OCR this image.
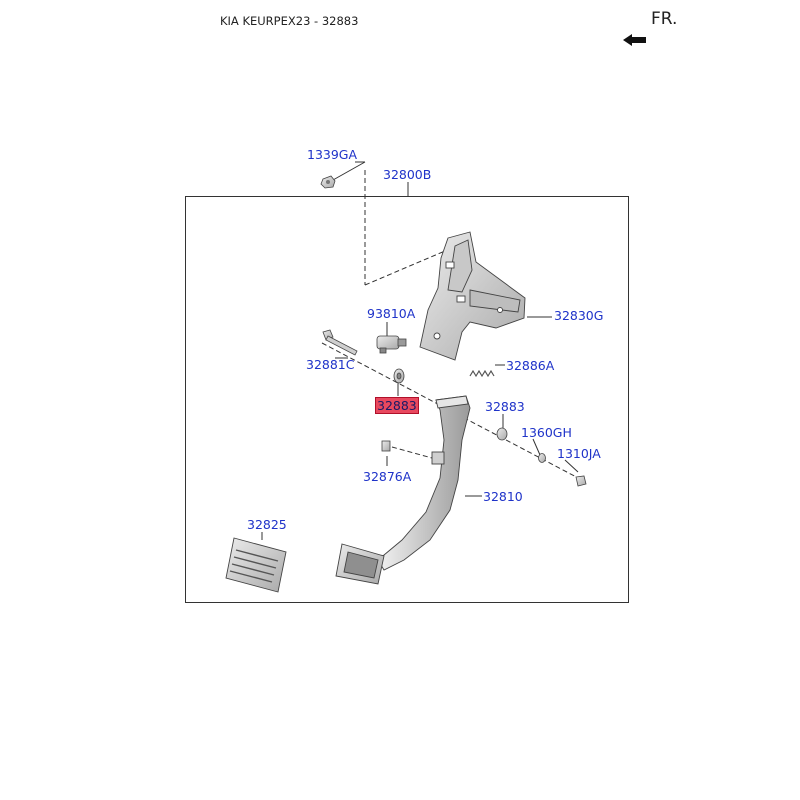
KIA KEURPEX23 - 32883	FR.
1339GA
32800B
93810A	32830G
32881C	32886A
32883	32883
1360GH
1310JA
32876A
32810
32825
